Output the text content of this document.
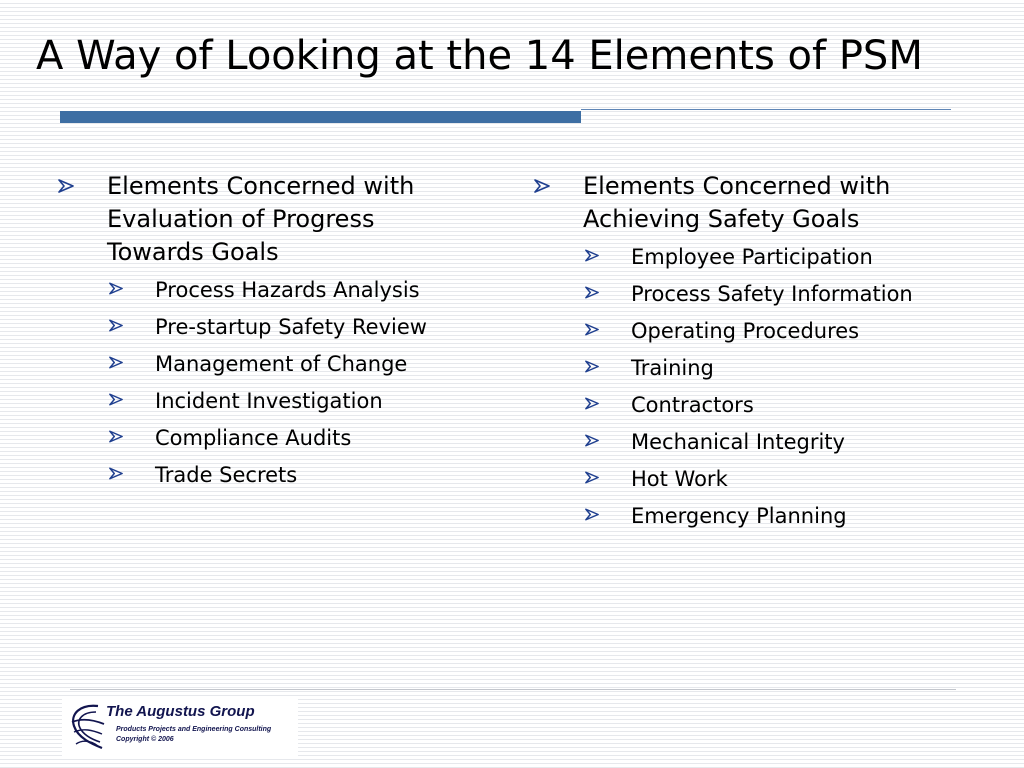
A Way of Looking at the 14 Elements of PSM
Elements Concerned with Evaluation of Progress Towards Goals
Process Hazards Analysis
Pre-startup Safety Review
Management of Change
Incident Investigation
Compliance Audits
Trade Secrets
Elements Concerned with Achieving Safety Goals
Employee Participation
Process Safety Information
Operating Procedures
Training
Contractors
Mechanical Integrity
Hot Work
Emergency Planning
The Augustus Group
Products Projects and Engineering Consulting
Copyright © 2006
